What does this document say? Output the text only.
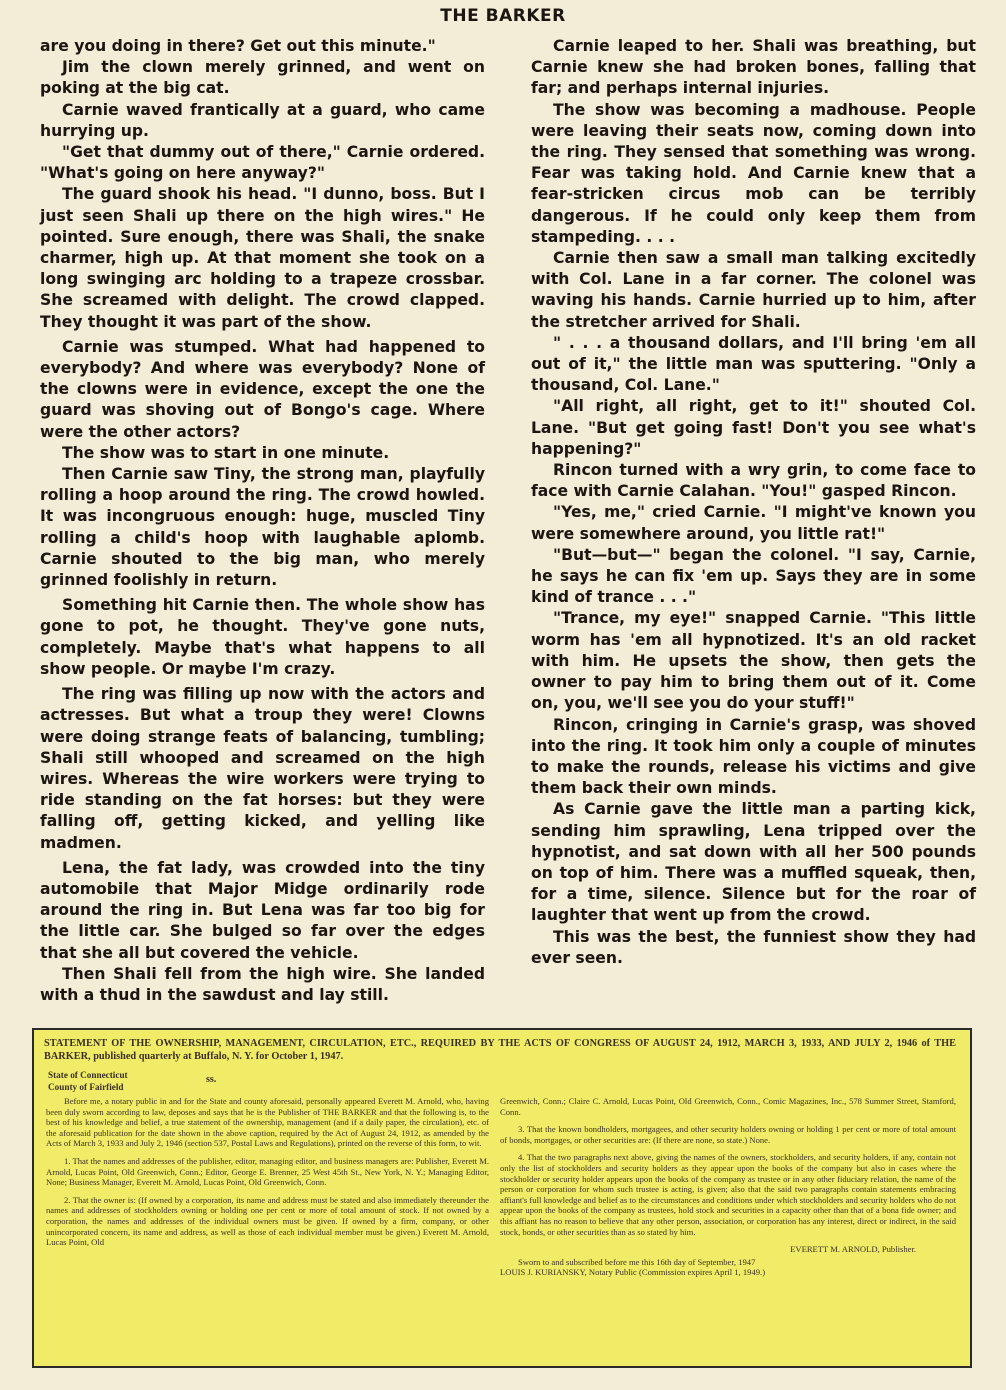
THE BARKER

are you doing in there? Get out this minute."

Jim the clown merely grinned, and went on poking at the big cat.

Carnie waved frantically at a guard, who came hurrying up.

"Get that dummy out of there," Carnie ordered. "What's going on here anyway?"

The guard shook his head. "I dunno, boss. But I just seen Shali up there on the high wires." He pointed. Sure enough, there was Shali, the snake charmer, high up. At that moment she took on a long swinging arc holding to a trapeze crossbar. She screamed with delight. The crowd clapped. They thought it was part of the show.

Carnie was stumped. What had happened to everybody? And where was everybody? None of the clowns were in evidence, except the one the guard was shoving out of Bongo's cage. Where were the other actors?

The show was to start in one minute.

Then Carnie saw Tiny, the strong man, playfully rolling a hoop around the ring. The crowd howled. It was incongruous enough: huge, muscled Tiny rolling a child's hoop with laughable aplomb. Carnie shouted to the big man, who merely grinned foolishly in return.

Something hit Carnie then. The whole show has gone to pot, he thought. They've gone nuts, completely. Maybe that's what happens to all show people. Or maybe I'm crazy.

The ring was filling up now with the actors and actresses. But what a troup they were! Clowns were doing strange feats of balancing, tumbling; Shali still whooped and screamed on the high wires. Whereas the wire workers were trying to ride standing on the fat horses: but they were falling off, getting kicked, and yelling like madmen.

Lena, the fat lady, was crowded into the tiny automobile that Major Midge ordinarily rode around the ring in. But Lena was far too big for the little car. She bulged so far over the edges that she all but covered the vehicle.

Then Shali fell from the high wire. She landed with a thud in the sawdust and lay still.

Carnie leaped to her. Shali was breathing, but Carnie knew she had broken bones, falling that far; and perhaps internal injuries.

The show was becoming a madhouse. People were leaving their seats now, coming down into the ring. They sensed that something was wrong. Fear was taking hold. And Carnie knew that a fear-stricken circus mob can be terribly dangerous. If he could only keep them from stampeding. . . .

Carnie then saw a small man talking excitedly with Col. Lane in a far corner. The colonel was waving his hands. Carnie hurried up to him, after the stretcher arrived for Shali.

" . . . a thousand dollars, and I'll bring 'em all out of it," the little man was sputtering. "Only a thousand, Col. Lane."

"All right, all right, get to it!" shouted Col. Lane. "But get going fast! Don't you see what's happening?"

Rincon turned with a wry grin, to come face to face with Carnie Calahan. "You!" gasped Rincon.

"Yes, me," cried Carnie. "I might've known you were somewhere around, you little rat!"

"But—but—" began the colonel. "I say, Carnie, he says he can fix 'em up. Says they are in some kind of trance . . ."

"Trance, my eye!" snapped Carnie. "This little worm has 'em all hypnotized. It's an old racket with him. He upsets the show, then gets the owner to pay him to bring them out of it. Come on, you, we'll see you do your stuff!"

Rincon, cringing in Carnie's grasp, was shoved into the ring. It took him only a couple of minutes to make the rounds, release his victims and give them back their own minds.

As Carnie gave the little man a parting kick, sending him sprawling, Lena tripped over the hypnotist, and sat down with all her 500 pounds on top of him. There was a muffled squeak, then, for a time, silence. Silence but for the roar of laughter that went up from the crowd.

This was the best, the funniest show they had ever seen.

STATEMENT OF THE OWNERSHIP, MANAGEMENT, CIRCULATION, ETC., REQUIRED BY THE ACTS OF CONGRESS OF AUGUST 24, 1912, MARCH 3, 1933, AND JULY 2, 1946 of THE BARKER, published quarterly at Buffalo, N. Y. for October 1, 1947.
State of Connecticut
County of Fairfield
ss.

Before me, a notary public in and for the State and county aforesaid, personally appeared Everett M. Arnold, who, having been duly sworn according to law, deposes and says that he is the Publisher of THE BARKER and that the following is, to the best of his knowledge and belief, a true statement of the ownership, management (and if a daily paper, the circulation), etc. of the aforesaid publication for the date shown in the above caption, required by the Act of August 24, 1912, as amended by the Acts of March 3, 1933 and July 2, 1946 (section 537, Postal Laws and Regulations), printed on the reverse of this form, to wit.

1. That the names and addresses of the publisher, editor, managing editor, and business managers are: Publisher, Everett M. Arnold, Lucas Point, Old Greenwich, Conn.; Editor, George E. Brenner, 25 West 45th St., New York, N. Y.; Managing Editor, None; Business Manager, Everett M. Arnold, Lucas Point, Old Greenwich, Conn.

2. That the owner is: (If owned by a corporation, its name and address must be stated and also immediately thereunder the names and addresses of stockholders owning or holding one per cent or more of total amount of stock. If not owned by a corporation, the names and addresses of the individual owners must be given. If owned by a firm, company, or other unincorporated concern, its name and address, as well as those of each individual member must be given.) Everett M. Arnold, Lucas Point, Old

Greenwich, Conn.; Claire C. Arnold, Lucas Point, Old Greenwich, Conn., Comic Magazines, Inc., 578 Summer Street, Stamford, Conn.

3. That the known bondholders, mortgagees, and other security holders owning or holding 1 per cent or more of total amount of bonds, mortgages, or other securities are: (If there are none, so state.) None.

4. That the two paragraphs next above, giving the names of the owners, stockholders, and security holders, if any, contain not only the list of stockholders and security holders as they appear upon the books of the company but also in cases where the stockholder or security holder appears upon the books of the company as trustee or in any other fiduciary relation, the name of the person or corporation for whom such trustee is acting, is given; also that the said two paragraphs contain statements embracing affiant's full knowledge and belief as to the circumstances and conditions under which stockholders and security holders who do not appear upon the books of the company as trustees, hold stock and securities in a capacity other than that of a bona fide owner; and this affiant has no reason to believe that any other person, association, or corporation has any interest, direct or indirect, in the said stock, bonds, or other securities than as so stated by him.

EVERETT M. ARNOLD, Publisher.

Sworn to and subscribed before me this 16th day of September, 1947

LOUIS J. KURIANSKY, Notary Public (Commission expires April 1, 1949.)
